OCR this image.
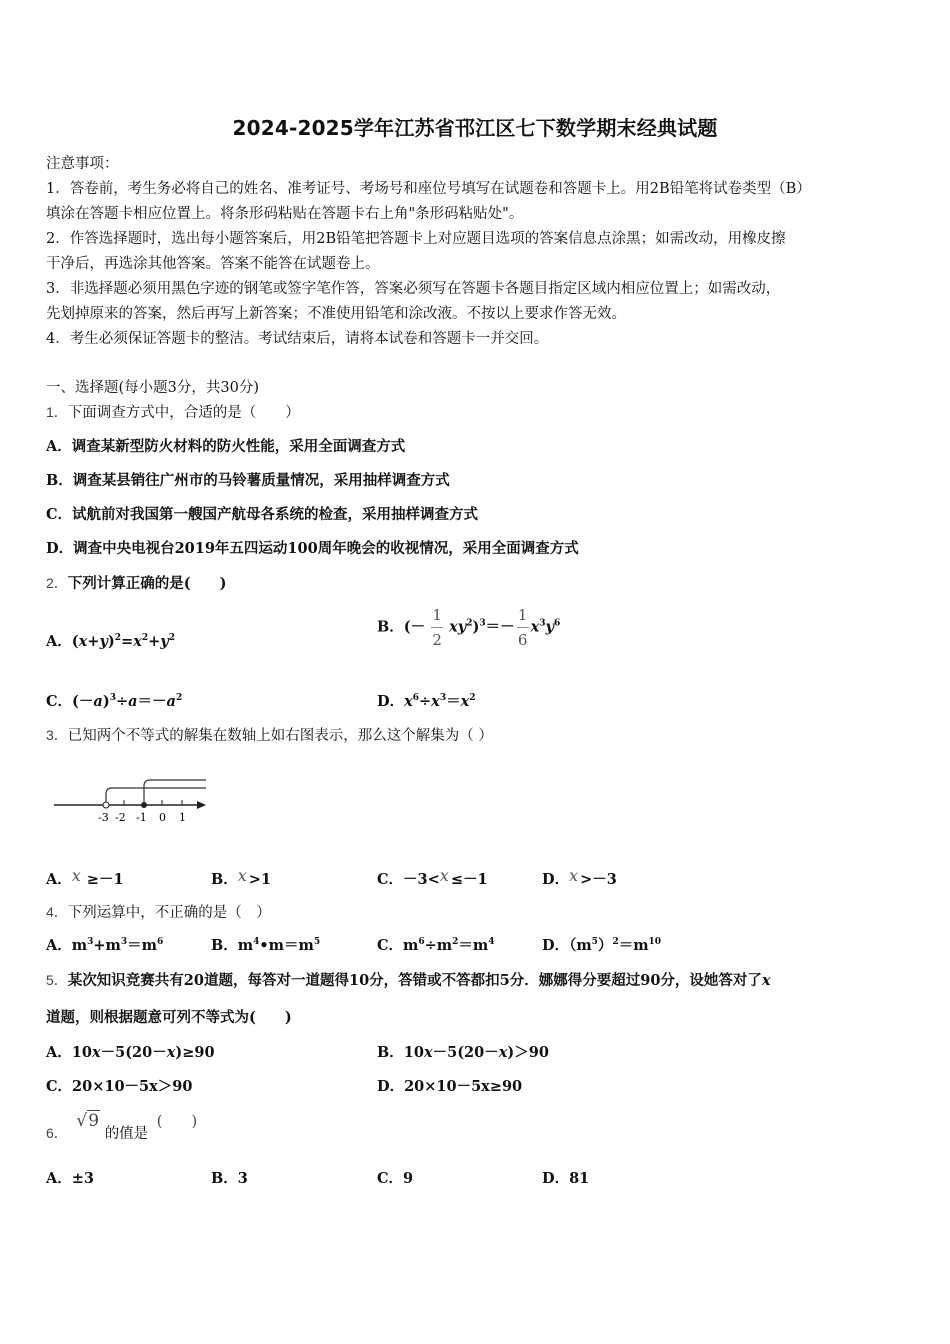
2024-2025学年江苏省邗江区七下数学期末经典试题
注意事项：
1．答卷前，考生务必将自己的姓名、准考证号、考场号和座位号填写在试题卷和答题卡上。用2B铅笔将试卷类型（B）
填涂在答题卡相应位置上。将条形码粘贴在答题卡右上角"条形码粘贴处"。
2．作答选择题时，选出每小题答案后，用2B铅笔把答题卡上对应题目选项的答案信息点涂黑；如需改动，用橡皮擦
干净后，再选涂其他答案。答案不能答在试题卷上。
3．非选择题必须用黑色字迹的钢笔或签字笔作答，答案必须写在答题卡各题目指定区域内相应位置上；如需改动，
先划掉原来的答案，然后再写上新答案；不准使用铅笔和涂改液。不按以上要求作答无效。
4．考生必须保证答题卡的整洁。考试结束后，请将本试卷和答题卡一并交回。
一、选择题(每小题3分，共30分)
1．下面调查方式中，合适的是（　　）
A．调查某新型防火材料的防火性能，采用全面调查方式
B．调查某县销往广州市的马铃薯质量情况，采用抽样调查方式
C．试航前对我国第一艘国产航母各系统的检查，采用抽样调查方式
D．调查中央电视台2019年五四运动100周年晚会的收视情况，采用全面调查方式
2．下列计算正确的是(　　)
A．$(x+y)^2=x^2+y^2$
B．(－ $\frac{1}{2} xy^2)^3=- \frac{1}{6} x^3y^6$
C．$(-a)^3\div a=-a^2$	D．$x^6\div x^3=x^2$
3．已知两个不等式的解集在数轴上如右图表示，那么这个解集为（ ）
-3 -2 -1 0 1
A．x ≥－1	B．x >1	C．－3<x ≤－1	D．x >－3
4．下列运算中，不正确的是（　）
A．$m^3+m^3=m^6$	B．$m^4•m=m^5$	C．$m^6\div m^2=m^4$	D．$(m^5)^2=m^{10}$
5．某次知识竞赛共有20道题，每答对一道题得10分，答错或不答都扣5分．娜娜得分要超过90分，设她答对了x
道题，则根据题意可列不等式为(　　)
A．10x－5(20－x)≥90	B．10x－5(20－x)＞90
C．20×10－5x＞90	D．20×10－5x≥90
6． √9 的值是 (　　)
A．±3	B．3	C．9	D．81
